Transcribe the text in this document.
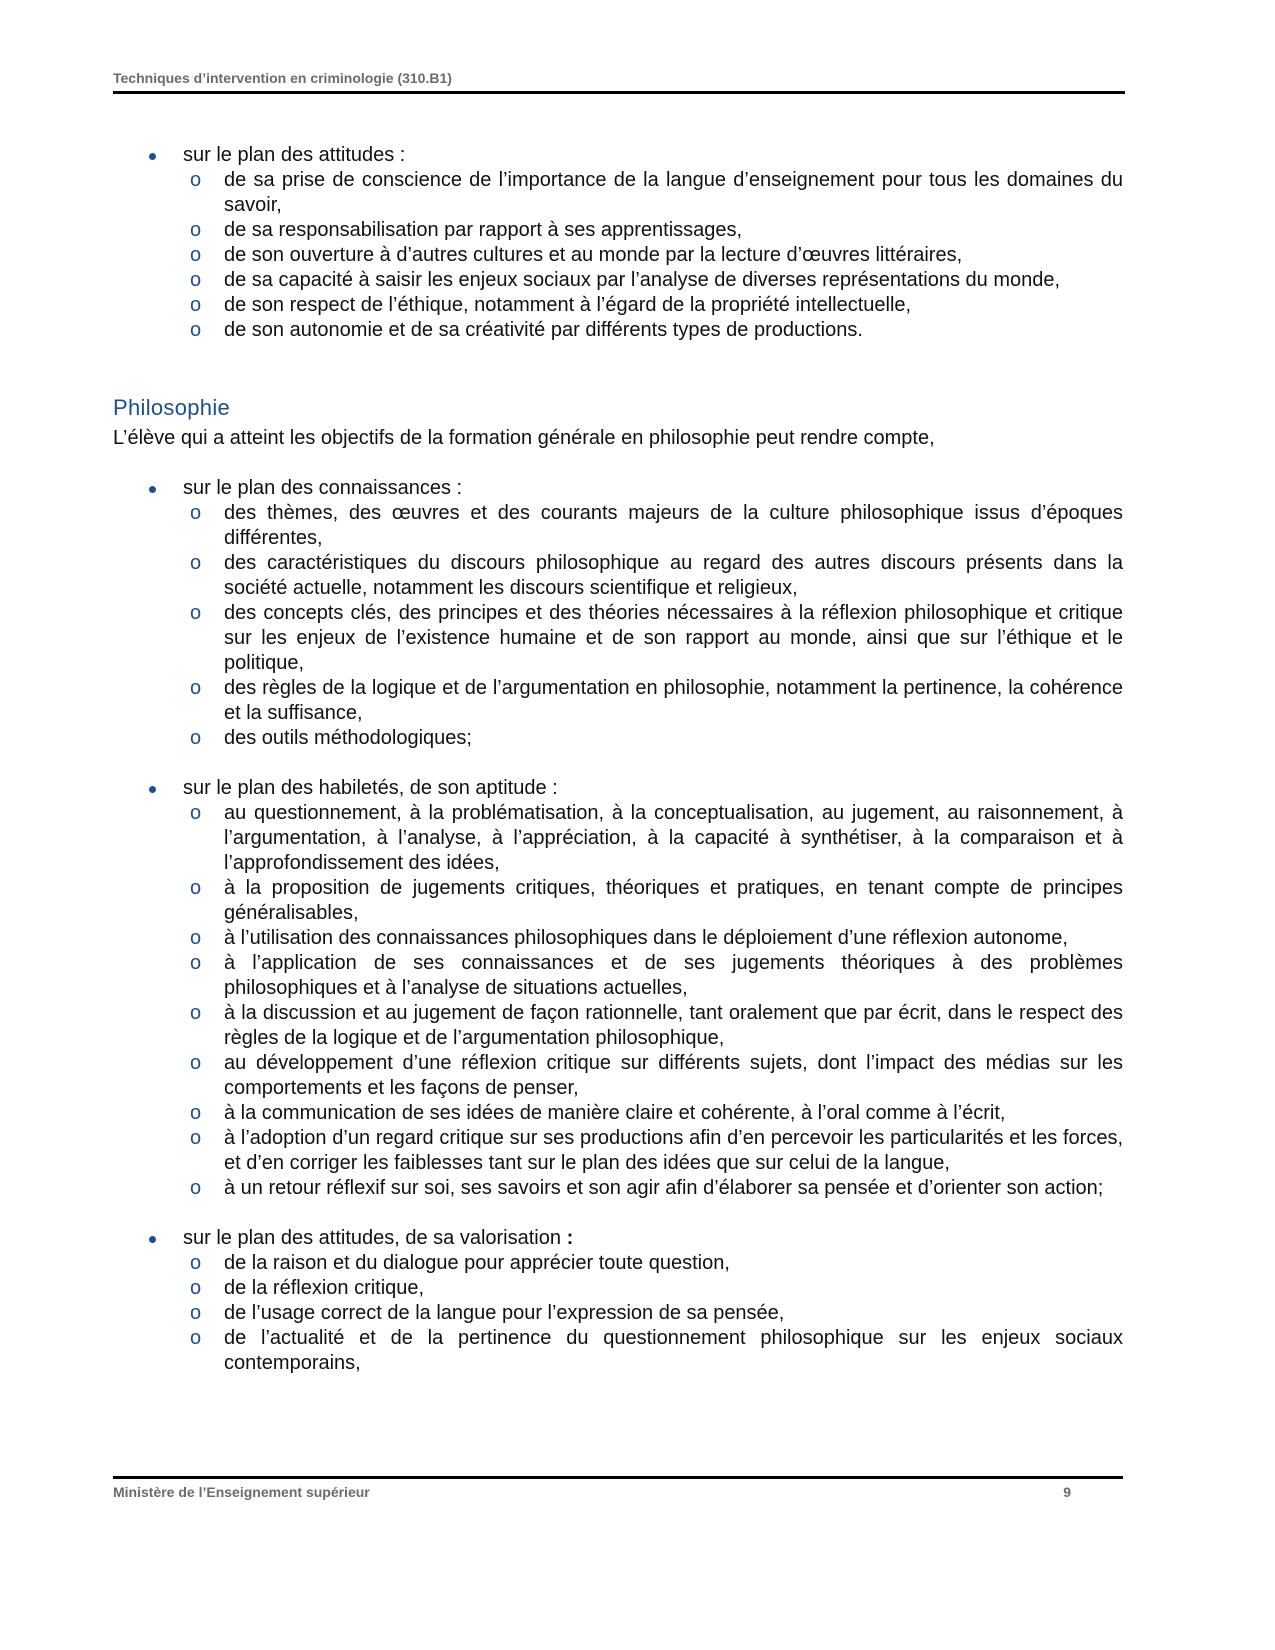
Techniques d’intervention en criminologie (310.B1)
sur le plan des attitudes :
o de sa prise de conscience de l’importance de la langue d’enseignement pour tous les domaines du savoir,
o de sa responsabilisation par rapport à ses apprentissages,
o de son ouverture à d’autres cultures et au monde par la lecture d’œuvres littéraires,
o de sa capacité à saisir les enjeux sociaux par l’analyse de diverses représentations du monde,
o de son respect de l’éthique, notamment à l’égard de la propriété intellectuelle,
o de son autonomie et de sa créativité par différents types de productions.
Philosophie

L’élève qui a atteint les objectifs de la formation générale en philosophie peut rendre compte,

sur le plan des connaissances :
o des thèmes, des œuvres et des courants majeurs de la culture philosophique issus d’époques différentes,
o des caractéristiques du discours philosophique au regard des autres discours présents dans la société actuelle, notamment les discours scientifique et religieux,
o des concepts clés, des principes et des théories nécessaires à la réflexion philosophique et critique sur les enjeux de l’existence humaine et de son rapport au monde, ainsi que sur l’éthique et le politique,
o des règles de la logique et de l’argumentation en philosophie, notamment la pertinence, la cohérence et la suffisance,
o des outils méthodologiques;
sur le plan des habiletés, de son aptitude :
o au questionnement, à la problématisation, à la conceptualisation, au jugement, au raisonnement, à l’argumentation, à l’analyse, à l’appréciation, à la capacité à synthétiser, à la comparaison et à l’approfondissement des idées,
o à la proposition de jugements critiques, théoriques et pratiques, en tenant compte de principes généralisables,
o à l’utilisation des connaissances philosophiques dans le déploiement d’une réflexion autonome,
o à l’application de ses connaissances et de ses jugements théoriques à des problèmes philosophiques et à l’analyse de situations actuelles,
o à la discussion et au jugement de façon rationnelle, tant oralement que par écrit, dans le respect des règles de la logique et de l’argumentation philosophique,
o au développement d’une réflexion critique sur différents sujets, dont l’impact des médias sur les comportements et les façons de penser,
o à la communication de ses idées de manière claire et cohérente, à l’oral comme à l’écrit,
o à l’adoption d’un regard critique sur ses productions afin d’en percevoir les particularités et les forces, et d’en corriger les faiblesses tant sur le plan des idées que sur celui de la langue,
o à un retour réflexif sur soi, ses savoirs et son agir afin d’élaborer sa pensée et d’orienter son action;
sur le plan des attitudes, de sa valorisation :
o de la raison et du dialogue pour apprécier toute question,
o de la réflexion critique,
o de l’usage correct de la langue pour l’expression de sa pensée,
o de l’actualité et de la pertinence du questionnement philosophique sur les enjeux sociaux contemporains,
Ministère de l’Enseignement supérieur	9
